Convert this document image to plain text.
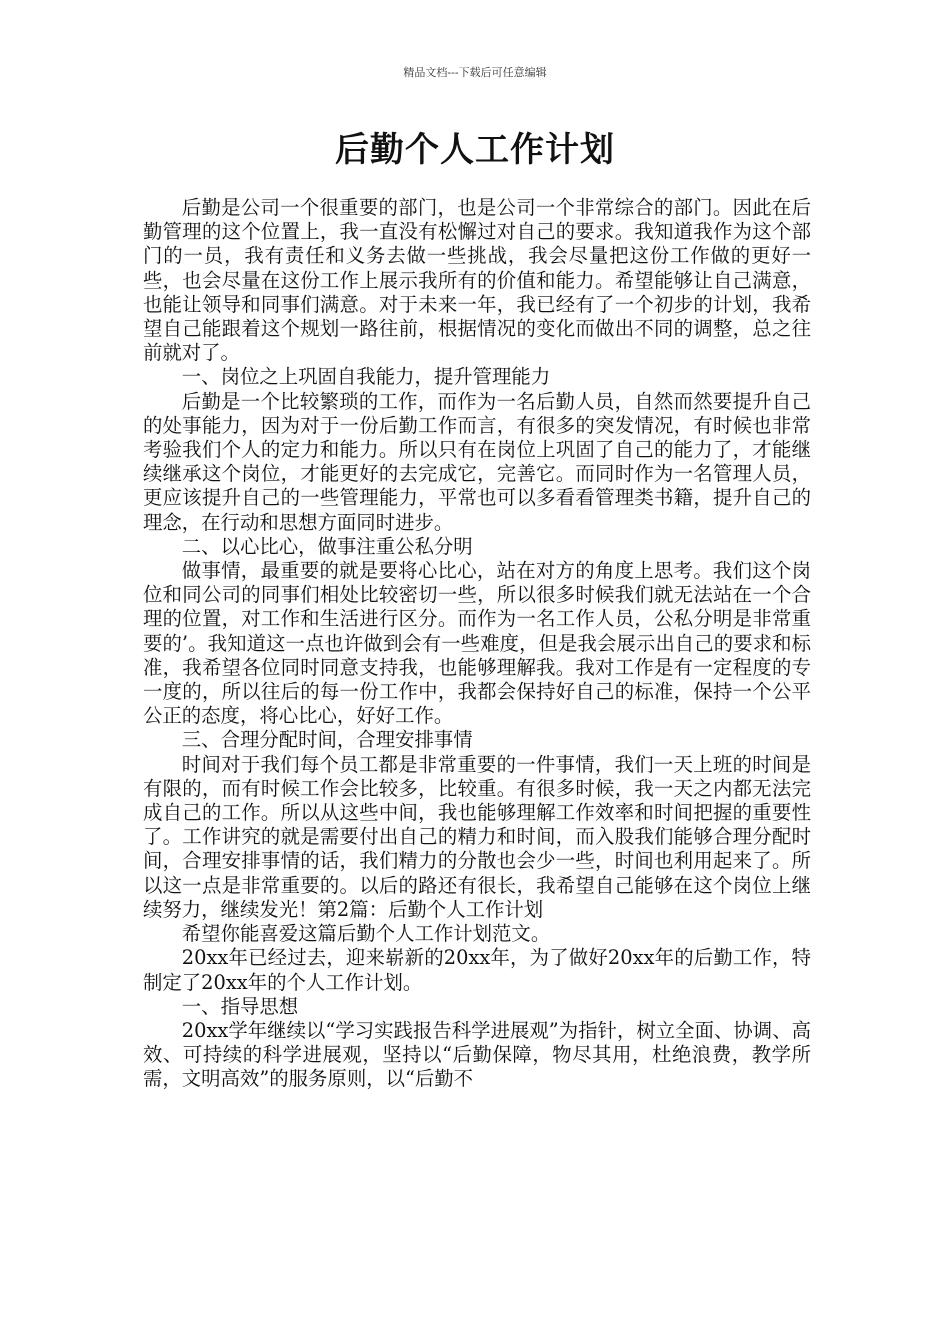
精品文档---下载后可任意编辑
后勤个人工作计划

后勤是公司一个很重要的部门，也是公司一个非常综合的部门。因此在后勤管理的这个位置上，我一直没有松懈过对自己的要求。我知道我作为这个部门的一员，我有责任和义务去做一些挑战，我会尽量把这份工作做的更好一些，也会尽量在这份工作上展示我所有的价值和能力。希望能够让自己满意，也能让领导和同事们满意。对于未来一年，我已经有了一个初步的计划，我希望自己能跟着这个规划一路往前，根据情况的变化而做出不同的调整，总之往前就对了。

一、岗位之上巩固自我能力，提升管理能力

后勤是一个比较繁琐的工作，而作为一名后勤人员，自然而然要提升自己的处事能力，因为对于一份后勤工作而言，有很多的突发情况，有时候也非常考验我们个人的定力和能力。所以只有在岗位上巩固了自己的能力了，才能继续继承这个岗位，才能更好的去完成它，完善它。而同时作为一名管理人员，更应该提升自己的一些管理能力，平常也可以多看看管理类书籍，提升自己的理念，在行动和思想方面同时进步。

二、以心比心，做事注重公私分明

做事情，最重要的就是要将心比心，站在对方的角度上思考。我们这个岗位和同公司的同事们相处比较密切一些，所以很多时候我们就无法站在一个合理的位置，对工作和生活进行区分。而作为一名工作人员，公私分明是非常重要的’。我知道这一点也许做到会有一些难度，但是我会展示出自己的要求和标准，我希望各位同时同意支持我，也能够理解我。我对工作是有一定程度的专一度的，所以往后的每一份工作中，我都会保持好自己的标准，保持一个公平公正的态度，将心比心，好好工作。

三、合理分配时间，合理安排事情

时间对于我们每个员工都是非常重要的一件事情，我们一天上班的时间是有限的，而有时候工作会比较多，比较重。有很多时候，我一天之内都无法完成自己的工作。所以从这些中间，我也能够理解工作效率和时间把握的重要性了。工作讲究的就是需要付出自己的精力和时间，而入股我们能够合理分配时间，合理安排事情的话，我们精力的分散也会少一些，时间也利用起来了。所以这一点是非常重要的。以后的路还有很长，我希望自己能够在这个岗位上继续努力，继续发光！第2篇：后勤个人工作计划

希望你能喜爱这篇后勤个人工作计划范文。

20xx年已经过去，迎来崭新的20xx年，为了做好20xx年的后勤工作，特制定了20xx年的个人工作计划。

一、指导思想

20xx学年继续以“学习实践报告科学进展观”为指针，树立全面、协调、高效、可持续的科学进展观，坚持以“后勤保障，物尽其用，杜绝浪费，教学所需，文明高效”的服务原则，以“后勤不
